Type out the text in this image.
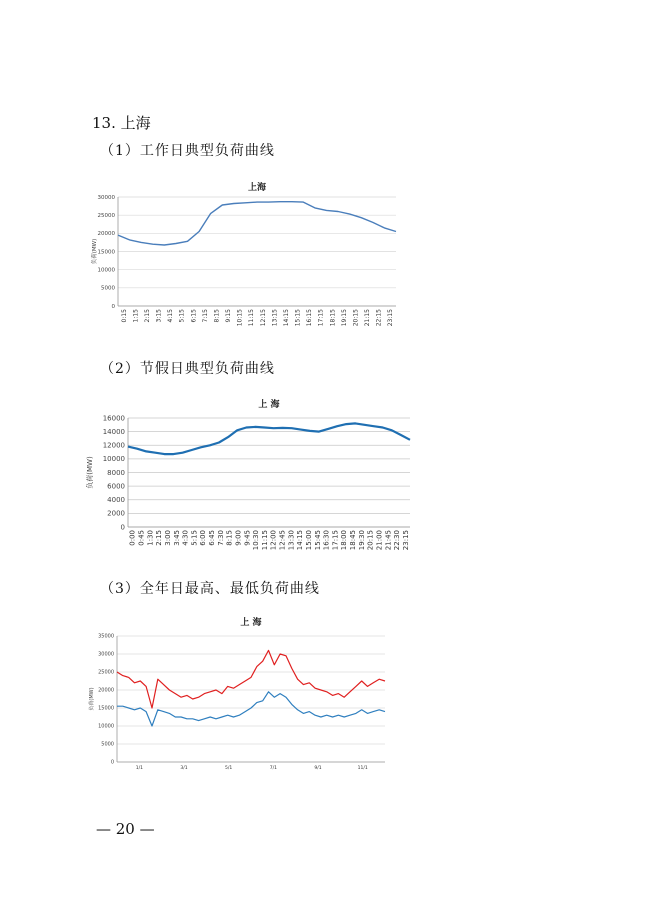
13. 上海
（1）工作日典型负荷曲线
上海
0
5000
10000
15000
20000
25000
30000
负荷(MW)
0:15 1:15 2:15 3:15 4:15 5:15 6:15 7:15 8:15 9:15 10:15 11:15 12:15 13:15 14:15 15:15 16:15 17:15 18:15 19:15 20:15 21:15 22:15 23:15
（2）节假日典型负荷曲线
上 海
0
2000
4000
6000
8000
10000
12000
14000
16000
负荷(MW)
0:00 0:45 1:30 2:15 3:00 3:45 4:30 5:15 6:00 6:45 7:30 8:15 9:00 9:45 10:30 11:15 12:00 12:45 13:30 14:15 15:00 15:45 16:30 17:15 18:00 18:45 19:30 20:15 21:00 21:45 22:30 23:15
（3）全年日最高、最低负荷曲线
上 海
0
5000
10000
15000
20000
25000
30000
35000
负荷(MW)
1/1	3/1	5/1	7/1	9/1	11/1
— 20 —
